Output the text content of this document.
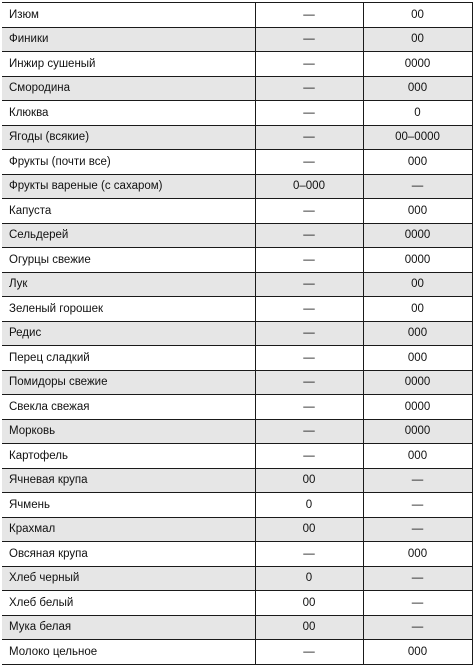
Изюм	—	00
Финики	—	00
Инжир сушеный	—	0000
Смородина	—	000
Клюква	—	0
Ягоды (всякие)	—	00–0000
Фрукты (почти все)	—	000
Фрукты вареные (с сахаром)	0–000	—
Капуста	—	000
Сельдерей	—	0000
Огурцы свежие	—	0000
Лук	—	00
Зеленый горошек	—	00
Редис	—	000
Перец сладкий	—	000
Помидоры свежие	—	0000
Свекла свежая	—	0000
Морковь	—	0000
Картофель	—	000
Ячневая крупа	00	—
Ячмень	0	—
Крахмал	00	—
Овсяная крупа	—	000
Хлеб черный	0	—
Хлеб белый	00	—
Мука белая	00	—
Молоко цельное	—	000
